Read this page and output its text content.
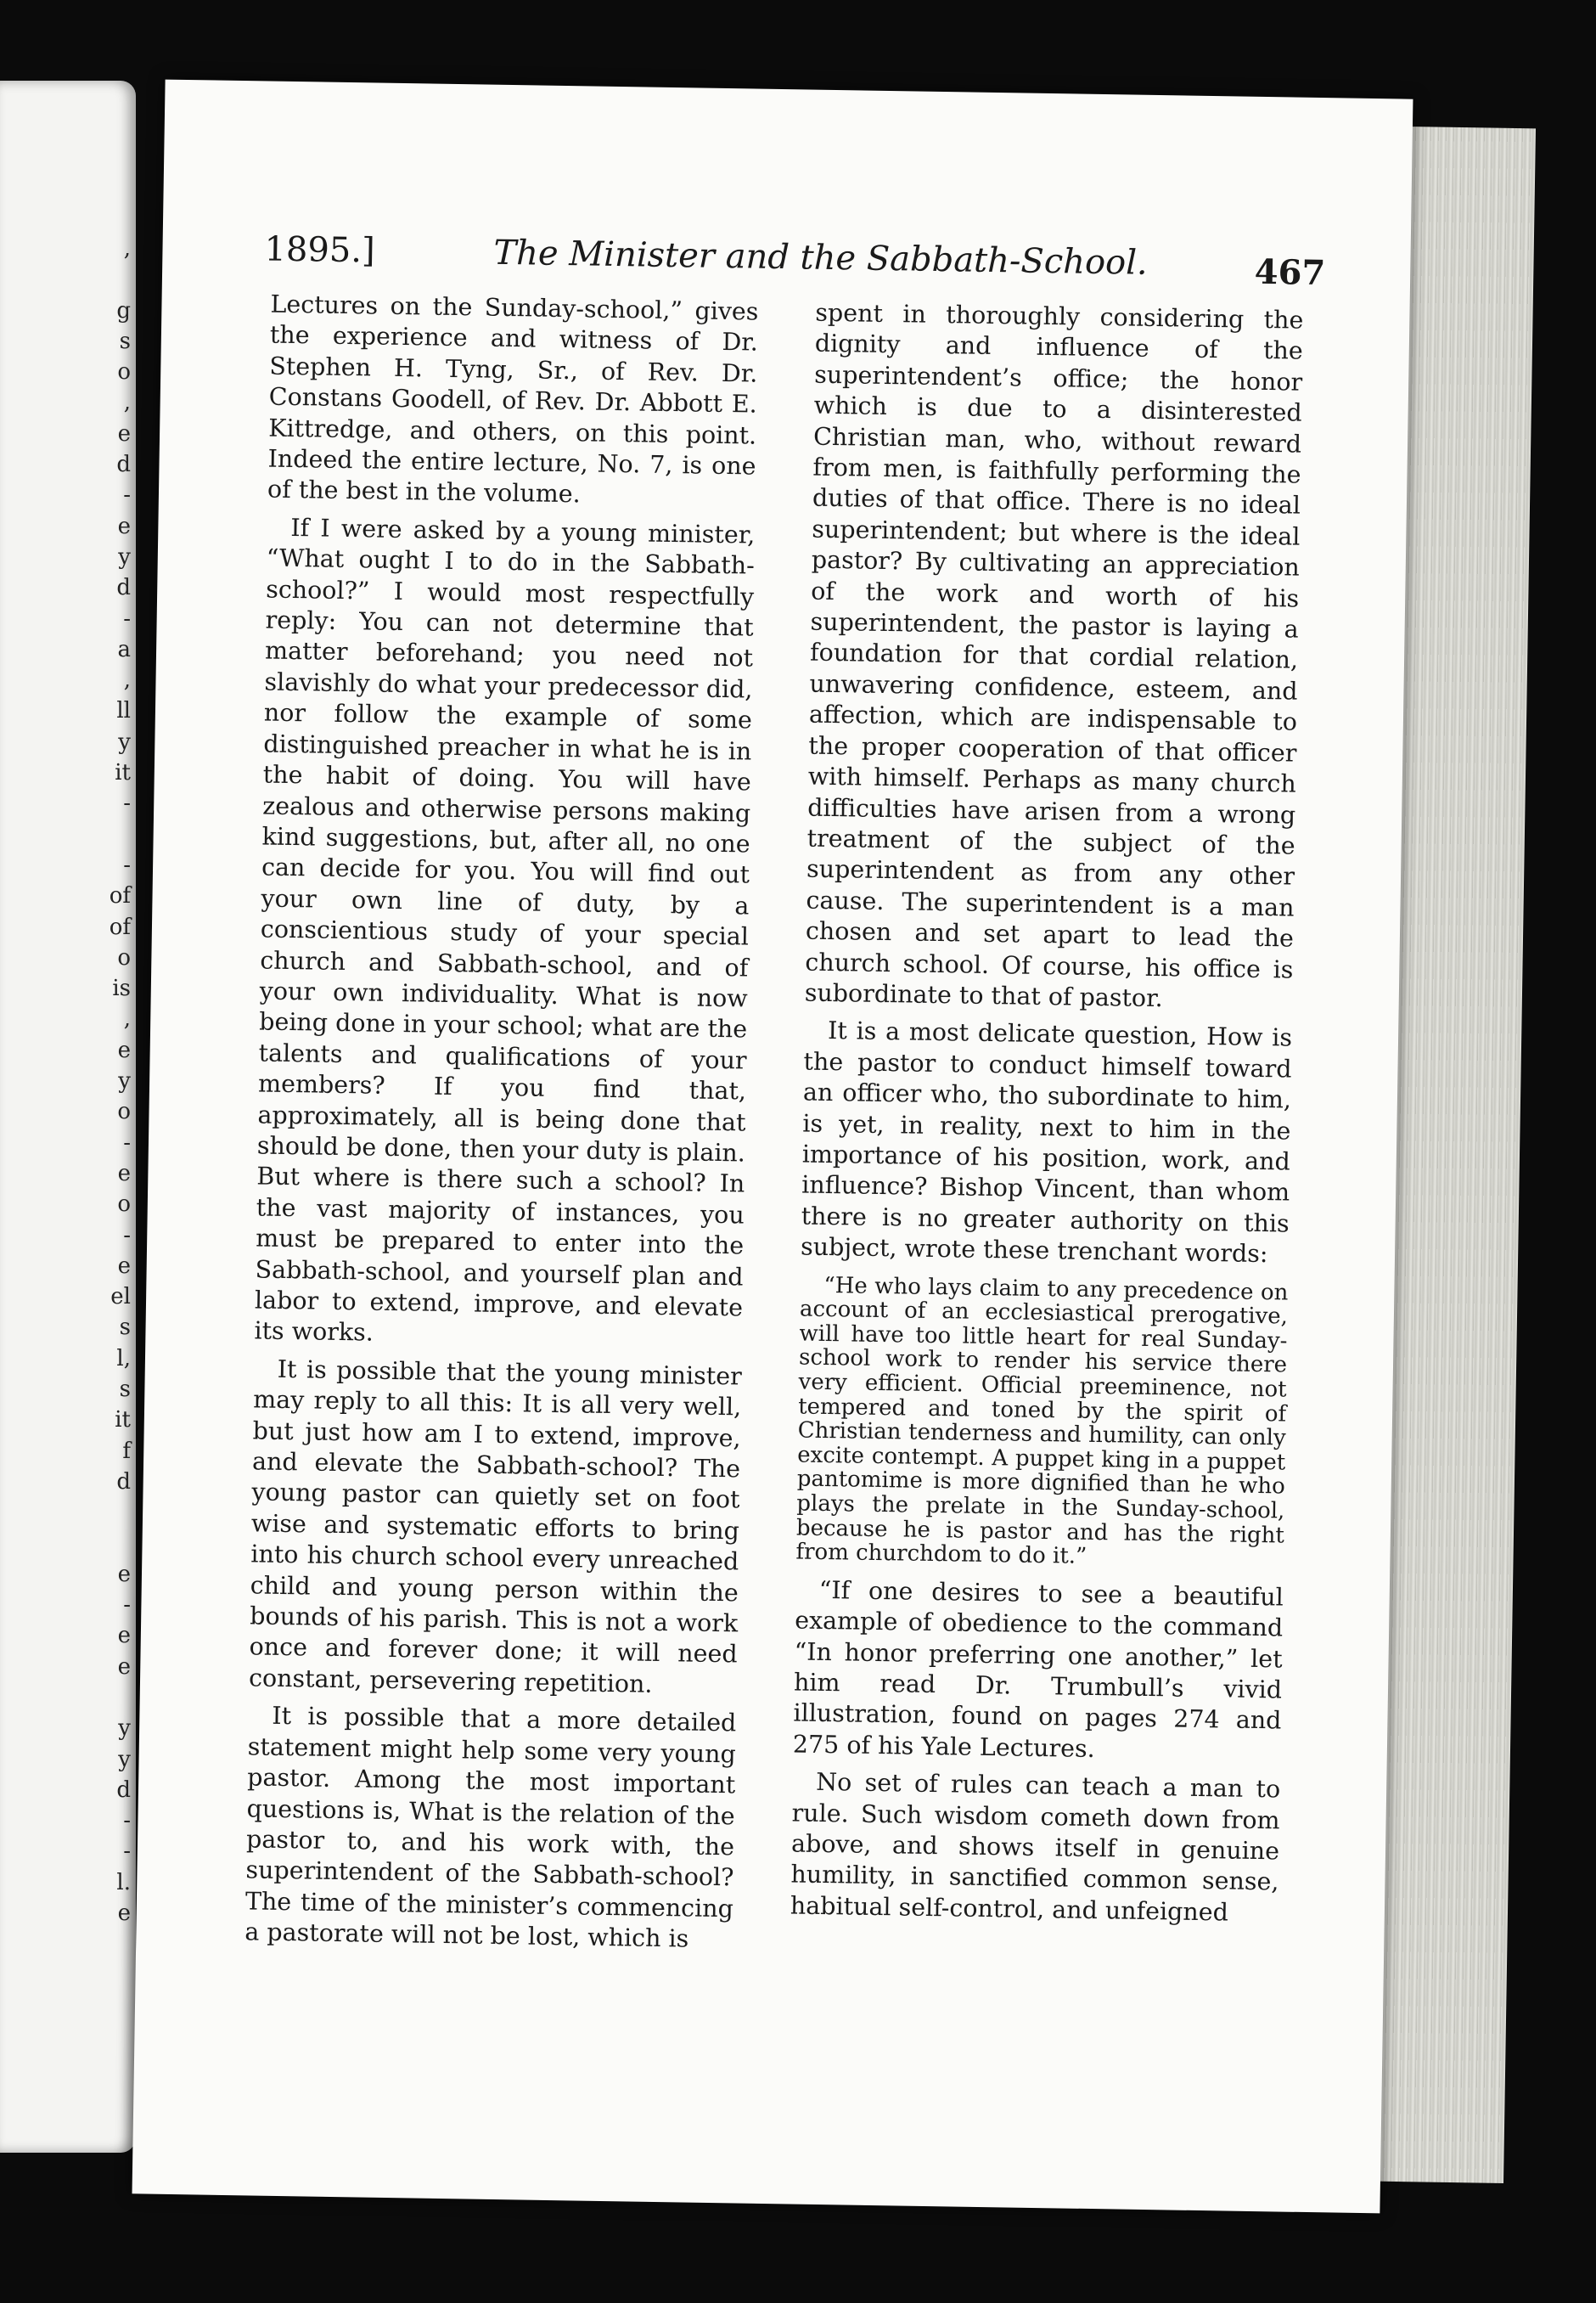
,
g
s
o
,
e
d
-
e
y
d
-
a
,
ll
y
it
-
-
of
of
o
is
,
e
y
o
-
e
o
-
e
el
s
l,
s
it
f
d
e
-
e
e
y
y
d
-
-
l.
e
1895.]	The Minister and the Sabbath-School.	467

Lectures on the Sunday-school,” gives the experience and witness of Dr. Stephen H. Tyng, Sr., of Rev. Dr. Constans Goodell, of Rev. Dr. Abbott E. Kittredge, and others, on this point. Indeed the entire lecture, No. 7, is one of the best in the volume.

If I were asked by a young minister, “What ought I to do in the Sabbath-school?” I would most respectfully reply: You can not determine that matter beforehand; you need not slavishly do what your predecessor did, nor follow the example of some distinguished preacher in what he is in the habit of doing. You will have zealous and otherwise persons making kind suggestions, but, after all, no one can decide for you. You will find out your own line of duty, by a conscientious study of your special church and Sabbath-school, and of your own individuality. What is now being done in your school; what are the talents and qualifications of your members? If you find that, approximately, all is being done that should be done, then your duty is plain. But where is there such a school? In the vast majority of instances, you must be prepared to enter into the Sabbath-school, and yourself plan and labor to extend, improve, and elevate its works.

It is possible that the young minister may reply to all this: It is all very well, but just how am I to extend, improve, and elevate the Sabbath-school? The young pastor can quietly set on foot wise and systematic efforts to bring into his church school every unreached child and young person within the bounds of his parish. This is not a work once and forever done; it will need constant, persevering repetition.

It is possible that a more detailed statement might help some very young pastor. Among the most important questions is, What is the relation of the pastor to, and his work with, the superintendent of the Sabbath-school? The time of the minister’s commencing a pastorate will not be lost, which is

spent in thoroughly considering the dignity and influence of the superintendent’s office; the honor which is due to a disinterested Christian man, who, without reward from men, is faithfully performing the duties of that office. There is no ideal superintendent; but where is the ideal pastor? By cultivating an appreciation of the work and worth of his superintendent, the pastor is laying a foundation for that cordial relation, unwavering confidence, esteem, and affection, which are indispensable to the proper cooperation of that officer with himself. Perhaps as many church difficulties have arisen from a wrong treatment of the subject of the superintendent as from any other cause. The superintendent is a man chosen and set apart to lead the church school. Of course, his office is subordinate to that of pastor.

It is a most delicate question, How is the pastor to conduct himself toward an officer who, tho subordinate to him, is yet, in reality, next to him in the importance of his position, work, and influence? Bishop Vincent, than whom there is no greater authority on this subject, wrote these trenchant words:

“He who lays claim to any precedence on account of an ecclesiastical prerogative, will have too little heart for real Sunday-school work to render his service there very efficient. Official preeminence, not tempered and toned by the spirit of Christian tenderness and humility, can only excite contempt. A puppet king in a puppet pantomime is more dignified than he who plays the prelate in the Sunday-school, because he is pastor and has the right from churchdom to do it.”

“If one desires to see a beautiful example of obedience to the command “In honor preferring one another,” let him read Dr. Trumbull’s vivid illustration, found on pages 274 and 275 of his Yale Lectures.

No set of rules can teach a man to rule. Such wisdom cometh down from above, and shows itself in genuine humility, in sanctified common sense, habitual self-control, and unfeigned
